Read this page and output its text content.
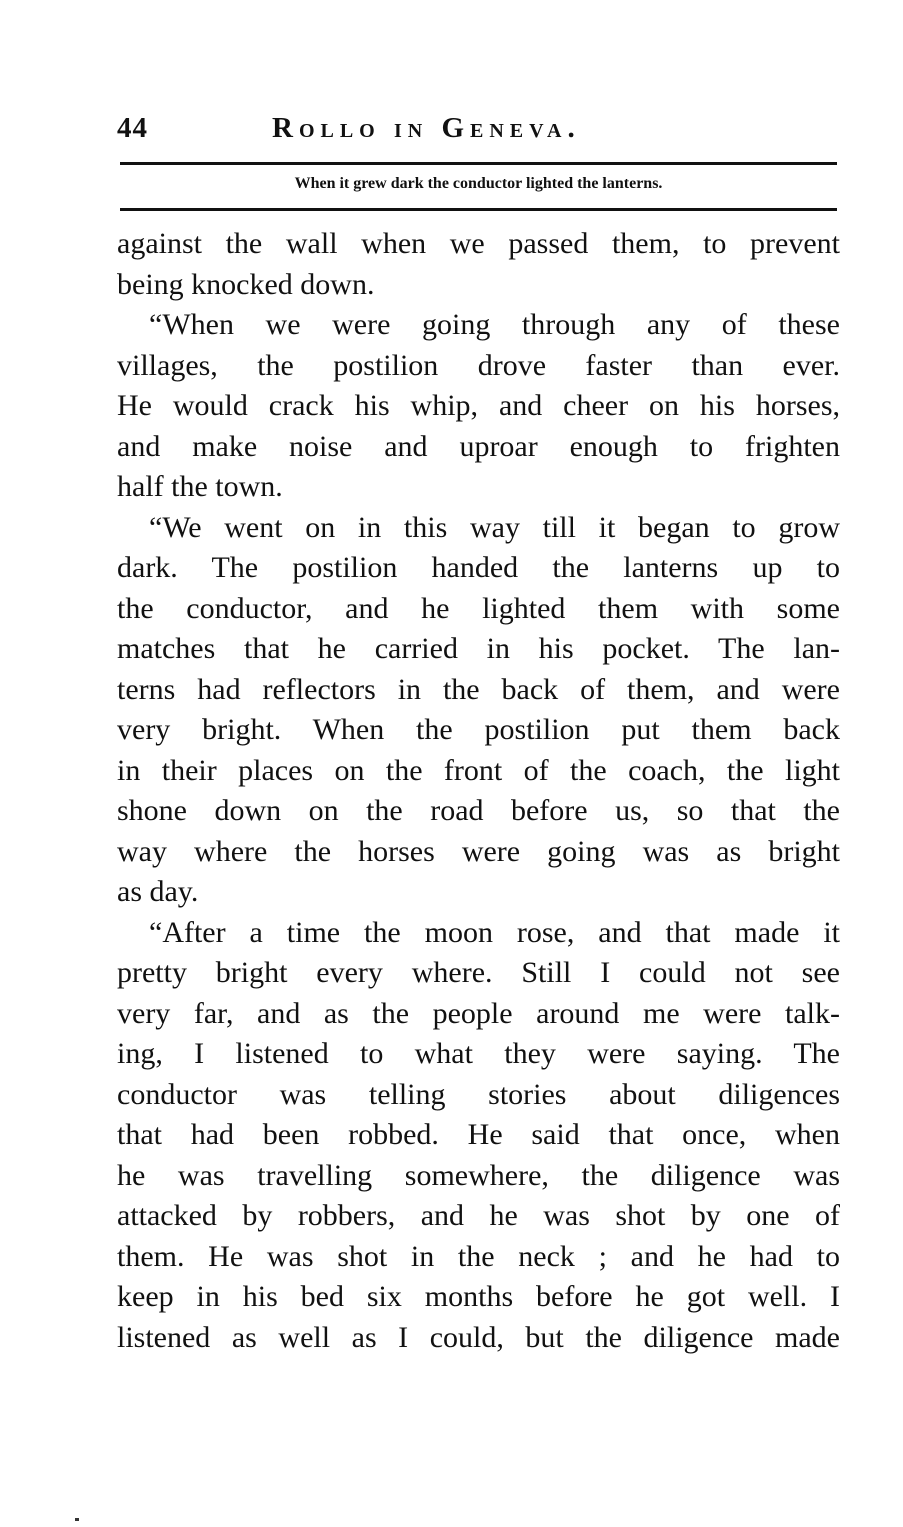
44	Rollo in Geneva.
When it grew dark the conductor lighted the lanterns.
against the wall when we passed them, to prevent
being knocked down.
“When we were going through any of these
villages, the postilion drove faster than ever.
He would crack his whip, and cheer on his horses,
and make noise and uproar enough to frighten
half the town.
“We went on in this way till it began to grow
dark. The postilion handed the lanterns up to
the conductor, and he lighted them with some
matches that he carried in his pocket. The lan-
terns had reflectors in the back of them, and were
very bright. When the postilion put them back
in their places on the front of the coach, the light
shone down on the road before us, so that the
way where the horses were going was as bright
as day.
“After a time the moon rose, and that made it
pretty bright every where. Still I could not see
very far, and as the people around me were talk-
ing, I listened to what they were saying. The
conductor was telling stories about diligences
that had been robbed. He said that once, when
he was travelling somewhere, the diligence was
attacked by robbers, and he was shot by one of
them. He was shot in the neck ; and he had to
keep in his bed six months before he got well. I
listened as well as I could, but the diligence made
